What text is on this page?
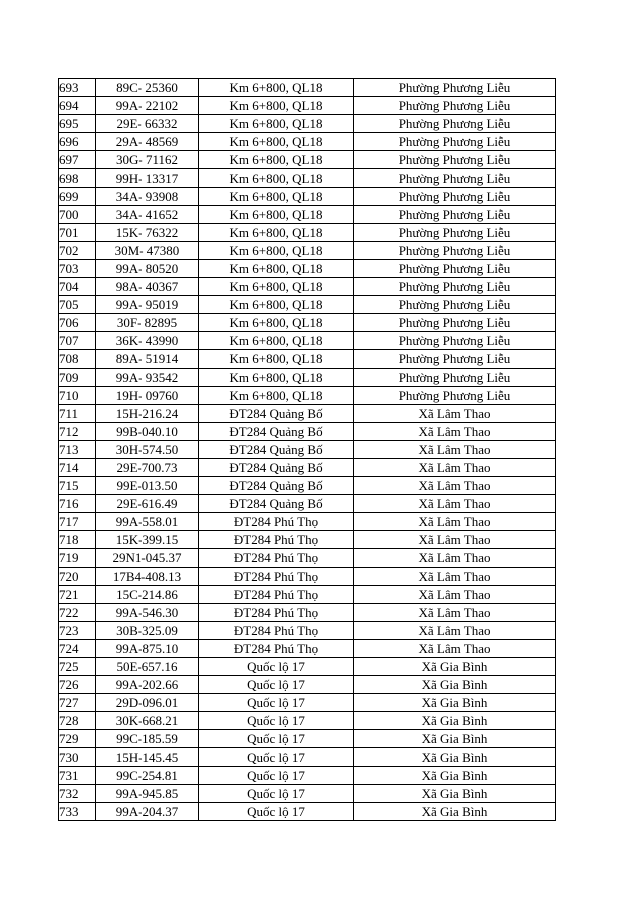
693	89C- 25360	Km 6+800, QL18	Phường Phương Liễu
694	99A- 22102	Km 6+800, QL18	Phường Phương Liễu
695	29E- 66332	Km 6+800, QL18	Phường Phương Liễu
696	29A- 48569	Km 6+800, QL18	Phường Phương Liễu
697	30G- 71162	Km 6+800, QL18	Phường Phương Liễu
698	99H- 13317	Km 6+800, QL18	Phường Phương Liễu
699	34A- 93908	Km 6+800, QL18	Phường Phương Liễu
700	34A- 41652	Km 6+800, QL18	Phường Phương Liễu
701	15K- 76322	Km 6+800, QL18	Phường Phương Liễu
702	30M- 47380	Km 6+800, QL18	Phường Phương Liễu
703	99A- 80520	Km 6+800, QL18	Phường Phương Liễu
704	98A- 40367	Km 6+800, QL18	Phường Phương Liễu
705	99A- 95019	Km 6+800, QL18	Phường Phương Liễu
706	30F- 82895	Km 6+800, QL18	Phường Phương Liễu
707	36K- 43990	Km 6+800, QL18	Phường Phương Liễu
708	89A- 51914	Km 6+800, QL18	Phường Phương Liễu
709	99A- 93542	Km 6+800, QL18	Phường Phương Liễu
710	19H- 09760	Km 6+800, QL18	Phường Phương Liễu
711	15H-216.24	ĐT284 Quảng Bố	Xã Lâm Thao
712	99B-040.10	ĐT284 Quảng Bố	Xã Lâm Thao
713	30H-574.50	ĐT284 Quảng Bố	Xã Lâm Thao
714	29E-700.73	ĐT284 Quảng Bố	Xã Lâm Thao
715	99E-013.50	ĐT284 Quảng Bố	Xã Lâm Thao
716	29E-616.49	ĐT284 Quảng Bố	Xã Lâm Thao
717	99A-558.01	ĐT284 Phú Thọ	Xã Lâm Thao
718	15K-399.15	ĐT284 Phú Thọ	Xã Lâm Thao
719	29N1-045.37	ĐT284 Phú Thọ	Xã Lâm Thao
720	17B4-408.13	ĐT284 Phú Thọ	Xã Lâm Thao
721	15C-214.86	ĐT284 Phú Thọ	Xã Lâm Thao
722	99A-546.30	ĐT284 Phú Thọ	Xã Lâm Thao
723	30B-325.09	ĐT284 Phú Thọ	Xã Lâm Thao
724	99A-875.10	ĐT284 Phú Thọ	Xã Lâm Thao
725	50E-657.16	Quốc lộ 17	Xã Gia Bình
726	99A-202.66	Quốc lộ 17	Xã Gia Bình
727	29D-096.01	Quốc lộ 17	Xã Gia Bình
728	30K-668.21	Quốc lộ 17	Xã Gia Bình
729	99C-185.59	Quốc lộ 17	Xã Gia Bình
730	15H-145.45	Quốc lộ 17	Xã Gia Bình
731	99C-254.81	Quốc lộ 17	Xã Gia Bình
732	99A-945.85	Quốc lộ 17	Xã Gia Bình
733	99A-204.37	Quốc lộ 17	Xã Gia Bình
